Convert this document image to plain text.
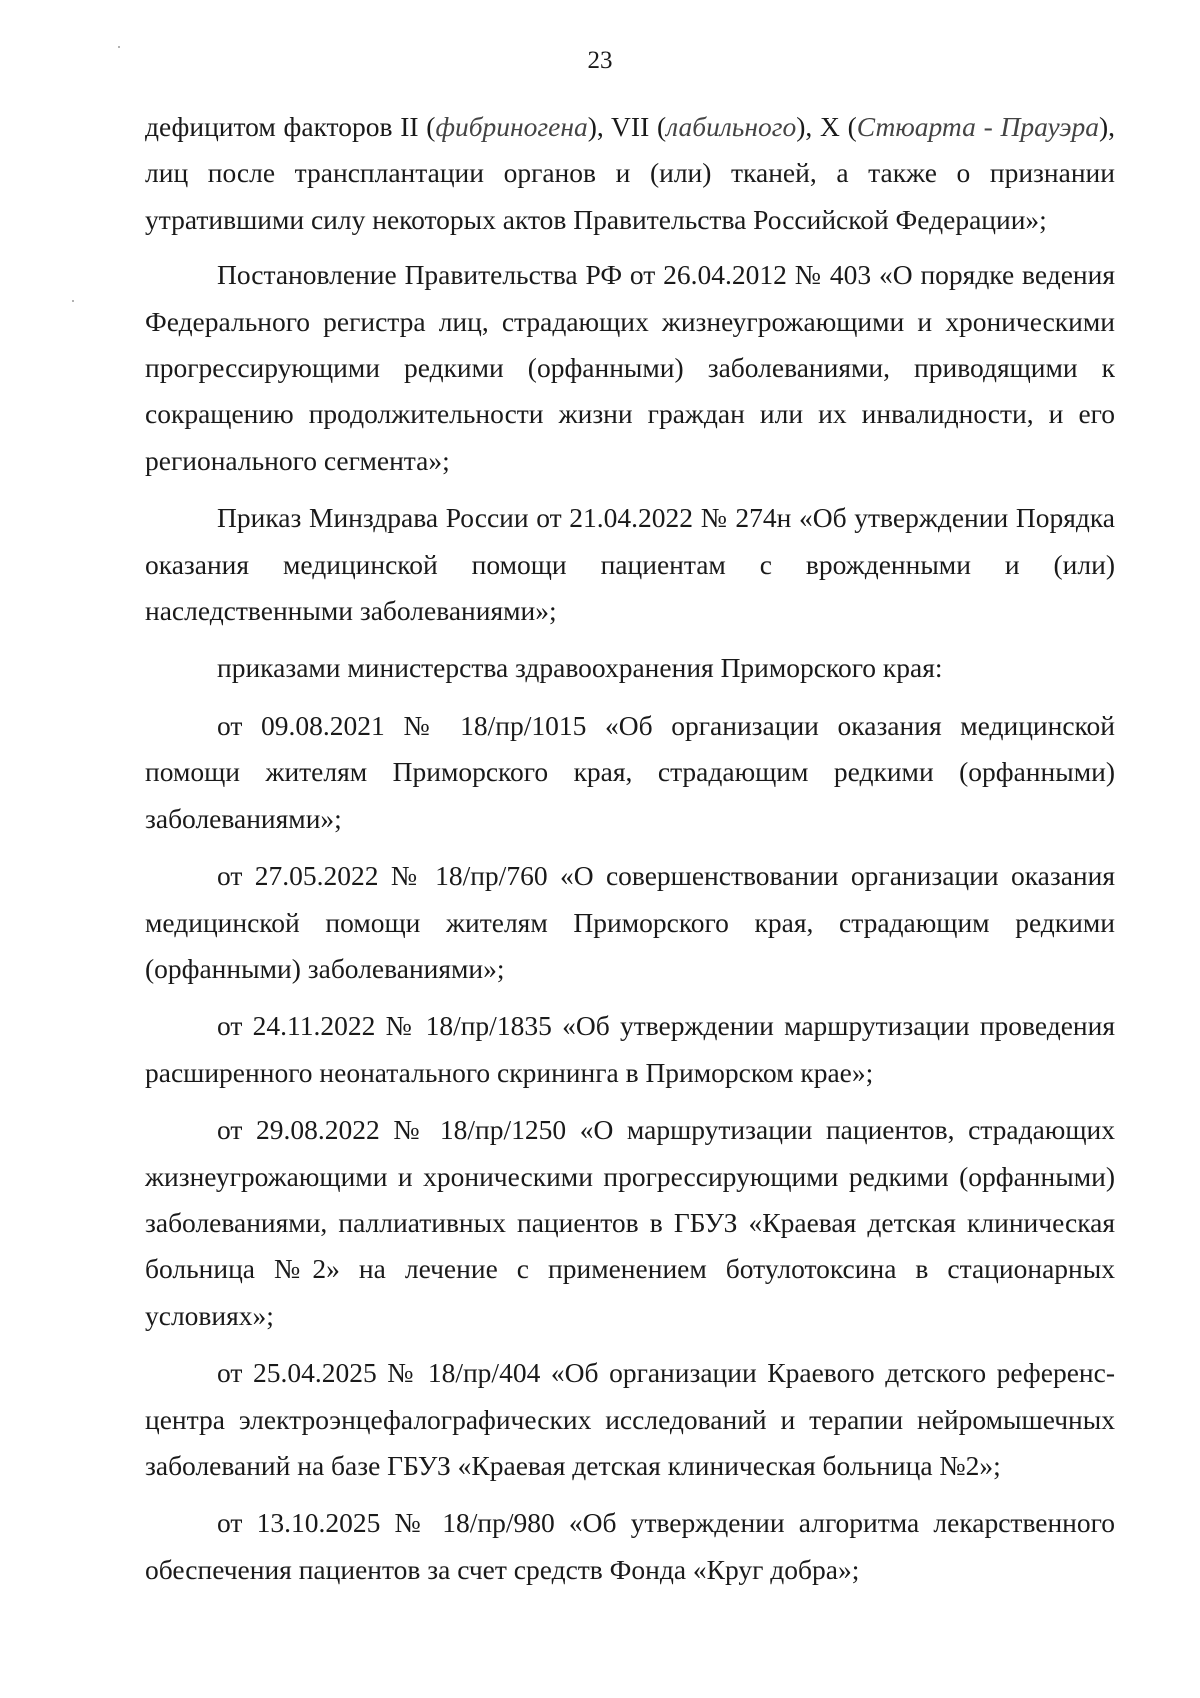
23

дефицитом факторов II (фибриногена), VII (лабильного), X (Стюарта - Прауэра), лиц после трансплантации органов и (или) тканей, а также о признании утратившими силу некоторых актов Правительства Российской Федерации»;

Постановление Правительства РФ от 26.04.2012 № 403 «О порядке ведения Федерального регистра лиц, страдающих жизнеугрожающими и хроническими прогрессирующими редкими (орфанными) заболеваниями, приводящими к сокращению продолжительности жизни граждан или их инвалидности, и его регионального сегмента»;

Приказ Минздрава России от 21.04.2022 № 274н «Об утверждении Порядка оказания медицинской помощи пациентам с врожденными и (или) наследственными заболеваниями»;

приказами министерства здравоохранения Приморского края:

от 09.08.2021 № 18/пр/1015 «Об организации оказания медицинской помощи жителям Приморского края, страдающим редкими (орфанными) заболеваниями»;

от 27.05.2022 № 18/пр/760 «О совершенствовании организации оказания медицинской помощи жителям Приморского края, страдающим редкими (орфанными) заболеваниями»;

от 24.11.2022 № 18/пр/1835 «Об утверждении маршрутизации проведения расширенного неонатального скрининга в Приморском крае»;

от 29.08.2022 № 18/пр/1250 «О маршрутизации пациентов, страдающих жизнеугрожающими и хроническими прогрессирующими редкими (орфанными) заболеваниями, паллиативных пациентов в ГБУЗ «Краевая детская клиническая больница №2» на лечение с применением ботулотоксина в стационарных условиях»;

от 25.04.2025 № 18/пр/404 «Об организации Краевого детского референс-центра электроэнцефалографических исследований и терапии нейромышечных заболеваний на базе ГБУЗ «Краевая детская клиническая больница №2»;

от 13.10.2025 № 18/пр/980 «Об утверждении алгоритма лекарственного обеспечения пациентов за счет средств Фонда «Круг добра»;
